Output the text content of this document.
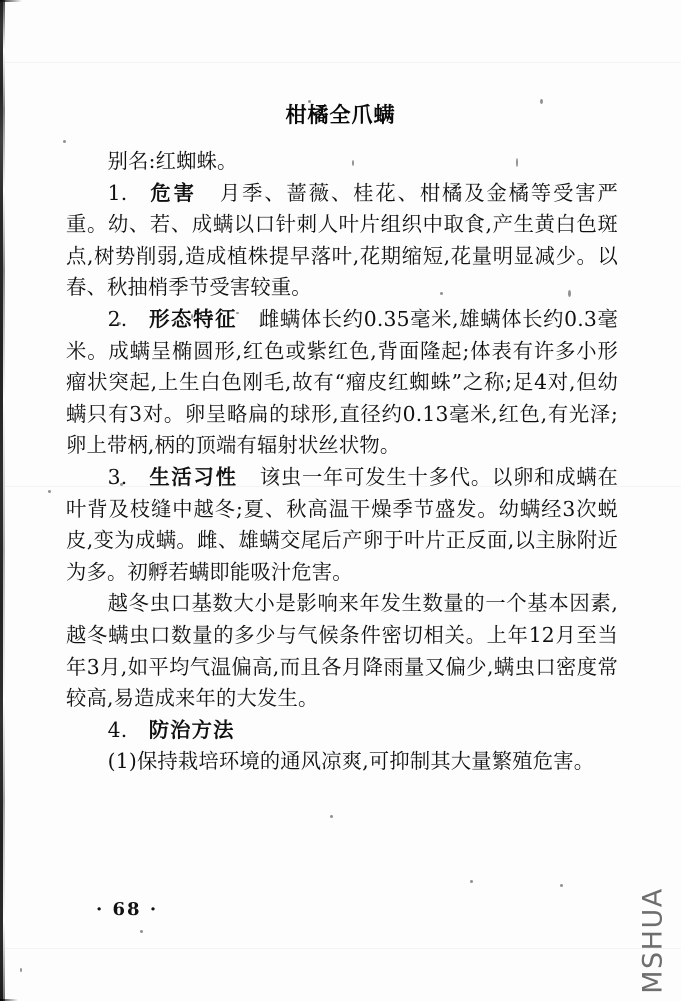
柑橘全爪螨

别名:红蜘蛛。

1. 危害 月季、蔷薇、桂花、柑橘及金橘等受害严重。幼、若、成螨以口针刺人叶片组织中取食,产生黄白色斑点,树势削弱,造成植株提早落叶,花期缩短,花量明显减少。以春、秋抽梢季节受害较重。

2. 形态特征 雌螨体长约0.35毫米,雄螨体长约0.3毫米。成螨呈椭圆形,红色或紫红色,背面隆起;体表有许多小形瘤状突起,上生白色刚毛,故有“瘤皮红蜘蛛”之称;足4对,但幼螨只有3对。卵呈略扁的球形,直径约0.13毫米,红色,有光泽;卵上带柄,柄的顶端有辐射状丝状物。

3. 生活习性 该虫一年可发生十多代。以卵和成螨在叶背及枝缝中越冬;夏、秋高温干燥季节盛发。幼螨经3次蜕皮,变为成螨。雌、雄螨交尾后产卵于叶片正反面,以主脉附近为多。初孵若螨即能吸汁危害。

越冬虫口基数大小是影响来年发生数量的一个基本因素,越冬螨虫口数量的多少与气候条件密切相关。上年12月至当年3月,如平均气温偏高,而且各月降雨量又偏少,螨虫口密度常较高,易造成来年的大发生。

4. 防治方法

(1)保持栽培环境的通风凉爽,可抑制其大量繁殖危害。

· 68 ·	MSHUA
